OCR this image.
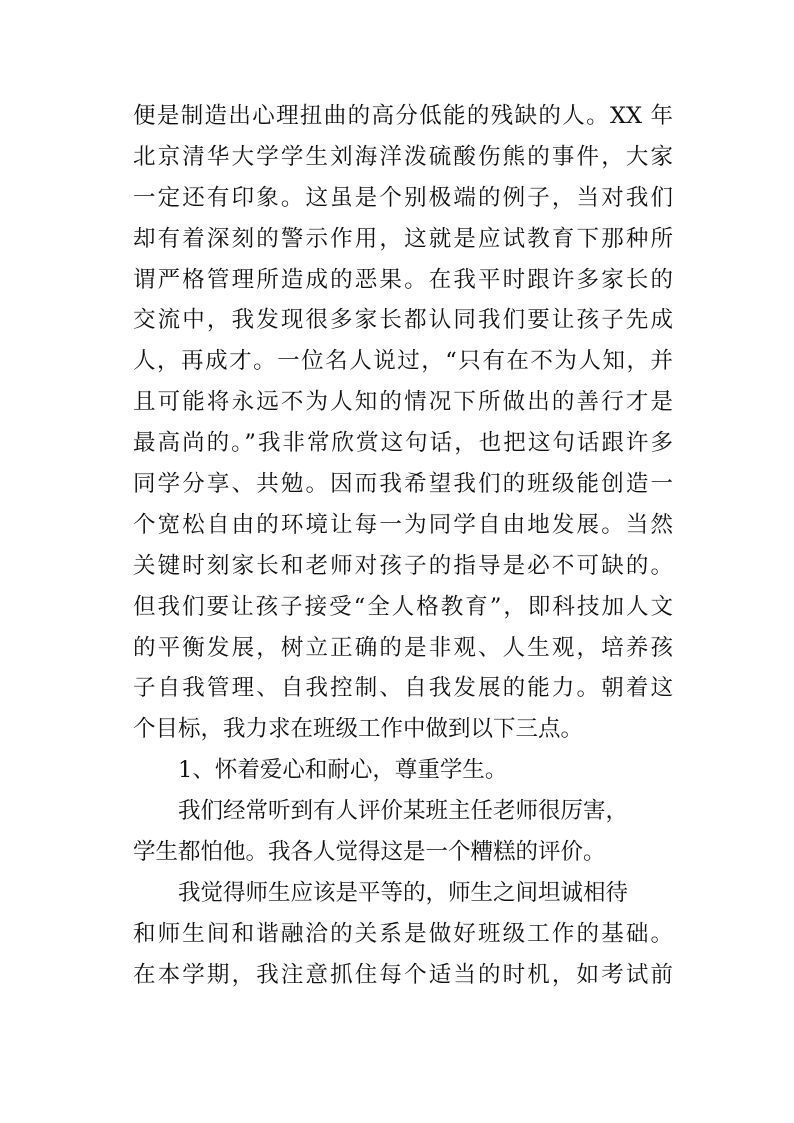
便是制造出心理扭曲的高分低能的残缺的人。XX 年
北京清华大学学生刘海洋泼硫酸伤熊的事件，大家
一定还有印象。这虽是个别极端的例子，当对我们
却有着深刻的警示作用，这就是应试教育下那种所
谓严格管理所造成的恶果。在我平时跟许多家长的
交流中，我发现很多家长都认同我们要让孩子先成
人，再成才。一位名人说过，“只有在不为人知，并
且可能将永远不为人知的情况下所做出的善行才是
最高尚的。”我非常欣赏这句话，也把这句话跟许多
同学分享、共勉。因而我希望我们的班级能创造一
个宽松自由的环境让每一为同学自由地发展。当然
关键时刻家长和老师对孩子的指导是必不可缺的。
但我们要让孩子接受“全人格教育”，即科技加人文
的平衡发展，树立正确的是非观、人生观，培养孩
子自我管理、自我控制、自我发展的能力。朝着这
个目标，我力求在班级工作中做到以下三点。
1、怀着爱心和耐心，尊重学生。
我们经常听到有人评价某班主任老师很厉害，
学生都怕他。我各人觉得这是一个糟糕的评价。
我觉得师生应该是平等的，师生之间坦诚相待
和师生间和谐融洽的关系是做好班级工作的基础。
在本学期，我注意抓住每个适当的时机，如考试前
